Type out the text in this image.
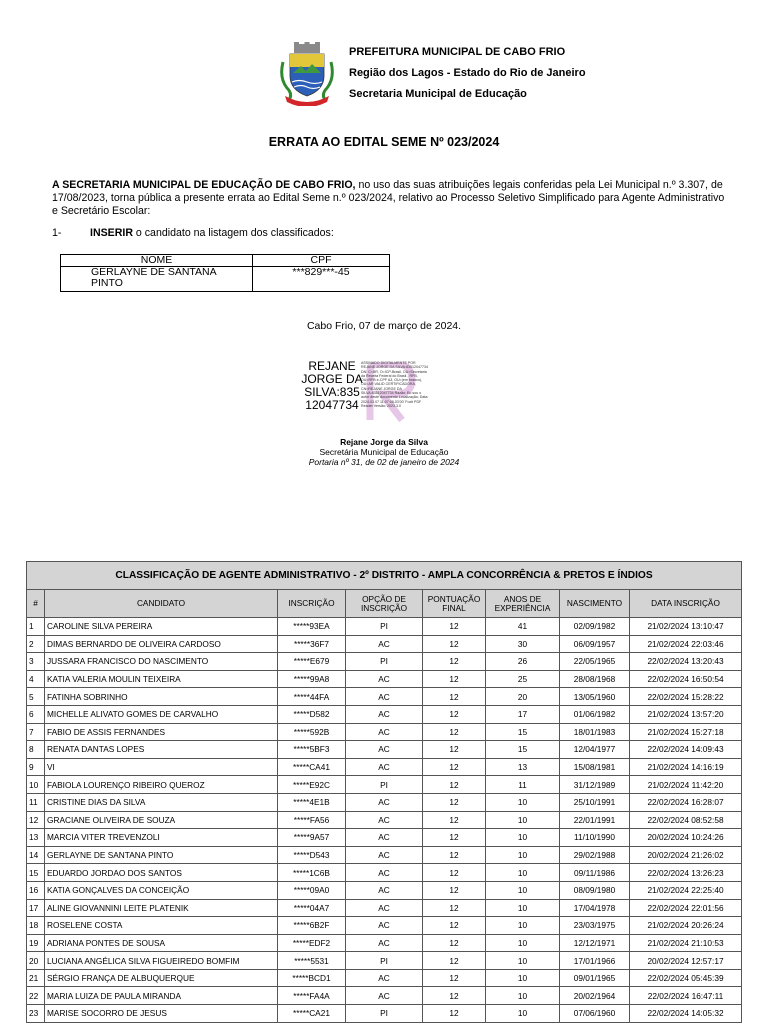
PREFEITURA MUNICIPAL DE CABO FRIO
Região dos Lagos - Estado do Rio de Janeiro
Secretaria Municipal de Educação
ERRATA AO EDITAL SEME Nº 023/2024
A SECRETARIA MUNICIPAL DE EDUCAÇÃO DE CABO FRIO, no uso das suas atribuições legais conferidas pela Lei Municipal n.º 3.307, de 17/08/2023, torna pública a presente errata ao Edital Seme n.º 023/2024, relativo ao Processo Seletivo Simplificado para Agente Administrativo e Secretário Escolar:
1-	INSERIR o candidato na listagem dos classificados:
NOME	CPF
GERLAYNE DE SANTANA PINTO	***829***-45
Cabo Frio, 07 de março de 2024.
REJANE JORGE DA SILVA:835 12047734
ASSINADO DIGITALMENTE POR REJANE JORGE DA SILVA:83512047734 DN: C=BR, O=ICP-Brasil, OU=Secretaria da Receita Federal do Brasil - RFB, OU=RFB e-CPF A3, OU=(em branco), OU=AR VALID CERTIFICADORA, CN=REJANE JORGE DA SILVA:83512047734 Razão: Eu sou o autor deste documento Localização: Data: 2024.03.07 11:07:08-03'00' Foxit PDF Reader Versão: 2023.3.0
Rejane Jorge da Silva
Secretária Municipal de Educação
Portaria nº 31, de 02 de janeiro de 2024
CLASSIFICAÇÃO DE AGENTE ADMINISTRATIVO - 2º DISTRITO - AMPLA CONCORRÊNCIA & PRETOS E ÍNDIOS							
#	CANDIDATO	INSCRIÇÃO	OPÇÃO DE INSCRIÇÃO	PONTUAÇÃO FINAL	ANOS DE EXPERIÊNCIA	NASCIMENTO	DATA INSCRIÇÃO
1	CAROLINE SILVA PEREIRA	*****93EA	PI	12	41	02/09/1982	21/02/2024 13:10:47
2	DIMAS BERNARDO DE OLIVEIRA CARDOSO	*****36F7	AC	12	30	06/09/1957	21/02/2024 22:03:46
3	JUSSARA FRANCISCO DO NASCIMENTO	*****E679	PI	12	26	22/05/1965	22/02/2024 13:20:43
4	KATIA VALERIA MOULIN TEIXEIRA	*****99A8	AC	12	25	28/08/1968	22/02/2024 16:50:54
5	FATINHA SOBRINHO	*****44FA	AC	12	20	13/05/1960	22/02/2024 15:28:22
6	MICHELLE ALIVATO GOMES DE CARVALHO	*****D582	AC	12	17	01/06/1982	21/02/2024 13:57:20
7	FABIO DE ASSIS FERNANDES	*****592B	AC	12	15	18/01/1983	21/02/2024 15:27:18
8	RENATA DANTAS LOPES	*****5BF3	AC	12	15	12/04/1977	22/02/2024 14:09:43
9	VI	*****CA41	AC	12	13	15/08/1981	21/02/2024 14:16:19
10	FABIOLA LOURENÇO RIBEIRO QUEROZ	*****E92C	PI	12	11	31/12/1989	21/02/2024 11:42:20
11	CRISTINE DIAS DA SILVA	*****4E1B	AC	12	10	25/10/1991	22/02/2024 16:28:07
12	GRACIANE OLIVEIRA DE SOUZA	*****FA56	AC	12	10	22/01/1991	22/02/2024 08:52:58
13	MARCIA VITER TREVENZOLI	*****9A57	AC	12	10	11/10/1990	20/02/2024 10:24:26
14	GERLAYNE DE SANTANA PINTO	*****D543	AC	12	10	29/02/1988	20/02/2024 21:26:02
15	EDUARDO JORDAO DOS SANTOS	*****1C6B	AC	12	10	09/11/1986	22/02/2024 13:26:23
16	KATIA GONÇALVES DA CONCEIÇÃO	*****09A0	AC	12	10	08/09/1980	21/02/2024 22:25:40
17	ALINE GIOVANNINI LEITE PLATENIK	*****04A7	AC	12	10	17/04/1978	22/02/2024 22:01:56
18	ROSELENE COSTA	*****6B2F	AC	12	10	23/03/1975	21/02/2024 20:26:24
19	ADRIANA PONTES DE SOUSA	*****EDF2	AC	12	10	12/12/1971	21/02/2024 21:10:53
20	LUCIANA ANGÉLICA SILVA FIGUEIREDO BOMFIM	*****5531	PI	12	10	17/01/1966	20/02/2024 12:57:17
21	SÉRGIO FRANÇA DE ALBUQUERQUE	*****BCD1	AC	12	10	09/01/1965	22/02/2024 05:45:39
22	MARIA LUIZA DE PAULA MIRANDA	*****FA4A	AC	12	10	20/02/1964	22/02/2024 16:47:11
23	MARISE SOCORRO DE JESUS	*****CA21	PI	12	10	07/06/1960	22/02/2024 14:05:32
